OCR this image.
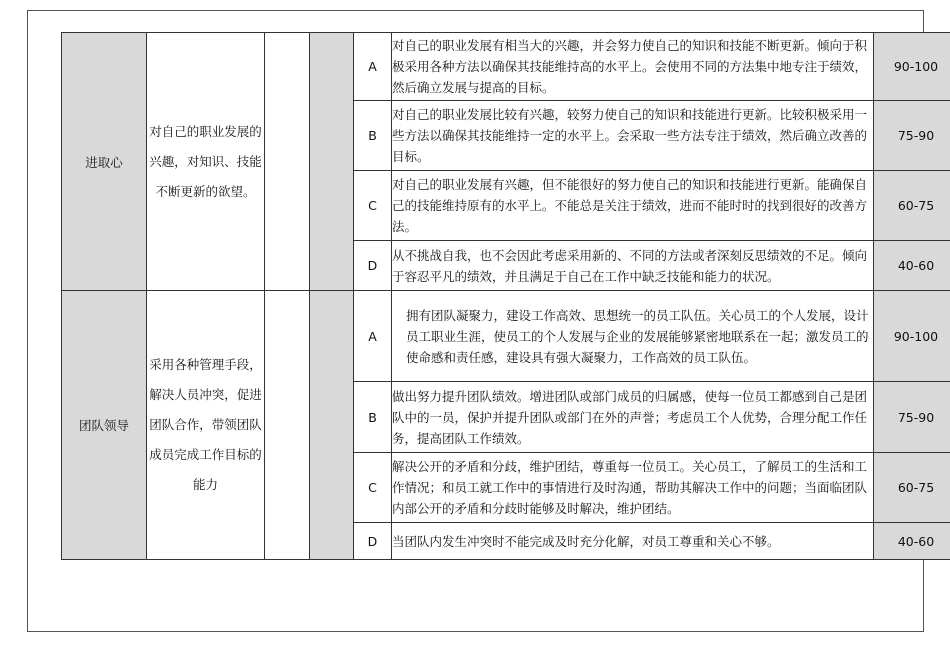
进取心	对自己的职业发展的兴趣，对知识、技能不断更新的欲望。			A	对自己的职业发展有相当大的兴趣，并会努力使自己的知识和技能不断更新。倾向于积极采用各种方法以确保其技能维持高的水平上。会使用不同的方法集中地专注于绩效，然后确立发展与提高的目标。	90-100
				B	对自己的职业发展比较有兴趣，较努力使自己的知识和技能进行更新。比较积极采用一些方法以确保其技能维持一定的水平上。会采取一些方法专注于绩效，然后确立改善的目标。	75-90
				C	对自己的职业发展有兴趣，但不能很好的努力使自己的知识和技能进行更新。能确保自己的技能维持原有的水平上。不能总是关注于绩效，进而不能时时的找到很好的改善方法。	60-75
				D	从不挑战自我，也不会因此考虑采用新的、不同的方法或者深刻反思绩效的不足。倾向于容忍平凡的绩效，并且满足于自己在工作中缺乏技能和能力的状况。	40-60
团队领导	采用各种管理手段，解决人员冲突，促进团队合作，带领团队成员完成工作目标的能力			A	拥有团队凝聚力，建设工作高效、思想统一的员工队伍。关心员工的个人发展，设计员工职业生涯，使员工的个人发展与企业的发展能够紧密地联系在一起；激发员工的使命感和责任感，建设具有强大凝聚力，工作高效的员工队伍。	90-100
				B	做出努力提升团队绩效。增进团队或部门成员的归属感，使每一位员工都感到自己是团队中的一员，保护并提升团队或部门在外的声誉；考虑员工个人优势，合理分配工作任务，提高团队工作绩效。	75-90
				C	解决公开的矛盾和分歧，维护团结，尊重每一位员工。关心员工，了解员工的生活和工作情况；和员工就工作中的事情进行及时沟通，帮助其解决工作中的问题；当面临团队内部公开的矛盾和分歧时能够及时解决，维护团结。	60-75
				D	当团队内发生冲突时不能完成及时充分化解，对员工尊重和关心不够。	40-60
